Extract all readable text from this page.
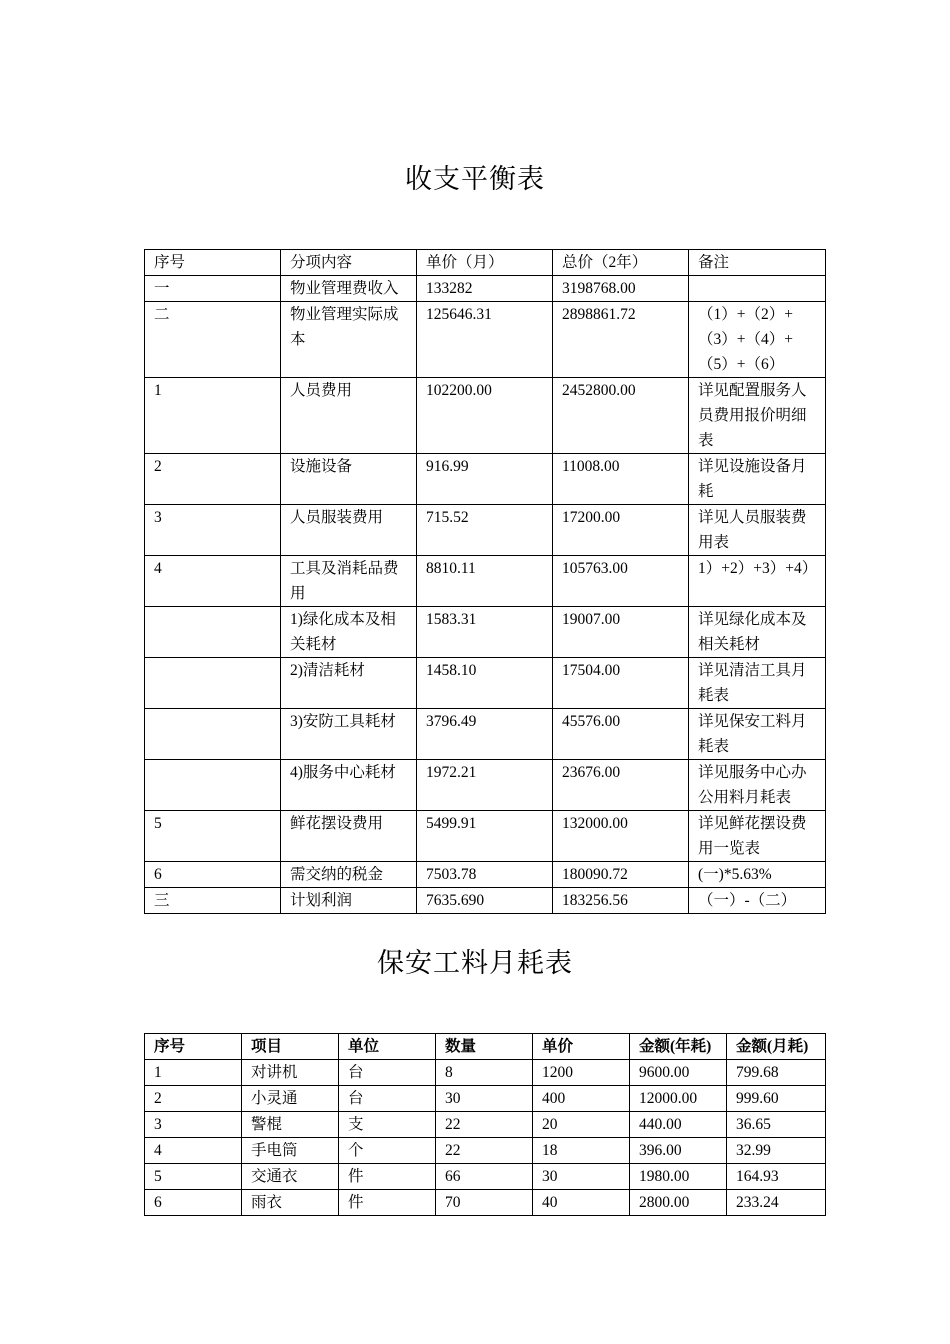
收支平衡表
序号	分项内容	单价（月）	总价（2年）	备注
一	物业管理费收入	133282	3198768.00	
二	物业管理实际成本	125646.31	2898861.72	（1）+（2）+（3）+（4）+（5）+（6）
1	人员费用	102200.00	2452800.00	详见配置服务人员费用报价明细表
2	设施设备	916.99	11008.00	详见设施设备月耗
3	人员服装费用	715.52	17200.00	详见人员服装费用表
4	工具及消耗品费用	8810.11	105763.00	1）+2）+3）+4）
	1)绿化成本及相关耗材	1583.31	19007.00	详见绿化成本及相关耗材
	2)清洁耗材	1458.10	17504.00	详见清洁工具月耗表
	3)安防工具耗材	3796.49	45576.00	详见保安工料月耗表
	4)服务中心耗材	1972.21	23676.00	详见服务中心办公用料月耗表
5	鲜花摆设费用	5499.91	132000.00	详见鲜花摆设费用一览表
6	需交纳的税金	7503.78	180090.72	(一)*5.63%
三	计划利润	7635.690	183256.56	（一）-（二）
保安工料月耗表
序号	项目	单位	数量	单价	金额(年耗)	金额(月耗)
1	对讲机	台	8	1200	9600.00	799.68
2	小灵通	台	30	400	12000.00	999.60
3	警棍	支	22	20	440.00	36.65
4	手电筒	个	22	18	396.00	32.99
5	交通衣	件	66	30	1980.00	164.93
6	雨衣	件	70	40	2800.00	233.24
